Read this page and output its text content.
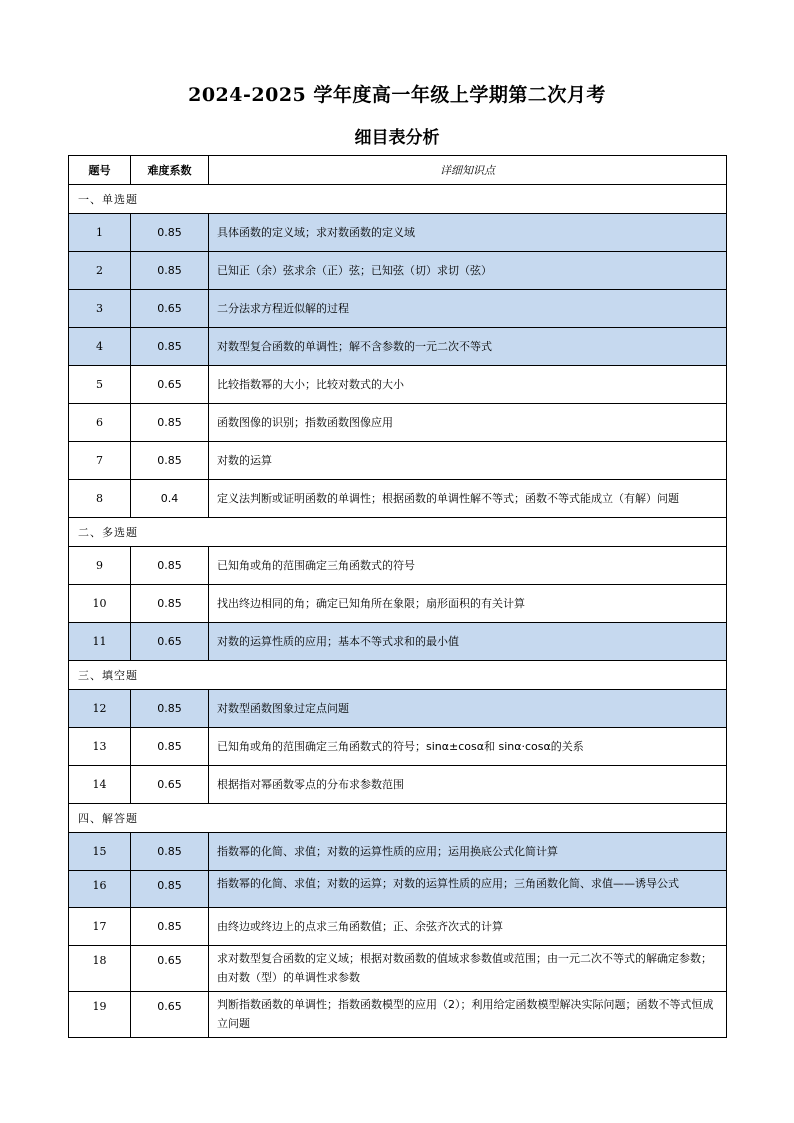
2024-2025 学年度高一年级上学期第二次月考
细目表分析
题号	难度系数	详细知识点
一、单选题		
1	0.85	具体函数的定义域；求对数函数的定义域
2	0.85	已知正（余）弦求余（正）弦；已知弦（切）求切（弦）
3	0.65	二分法求方程近似解的过程
4	0.85	对数型复合函数的单调性；解不含参数的一元二次不等式
5	0.65	比较指数幂的大小；比较对数式的大小
6	0.85	函数图像的识别；指数函数图像应用
7	0.85	对数的运算
8	0.4	定义法判断或证明函数的单调性；根据函数的单调性解不等式；函数不等式能成立（有解）问题
二、多选题		
9	0.85	已知角或角的范围确定三角函数式的符号
10	0.85	找出终边相同的角；确定已知角所在象限；扇形面积的有关计算
11	0.65	对数的运算性质的应用；基本不等式求和的最小值
三、填空题		
12	0.85	对数型函数图象过定点问题
13	0.85	已知角或角的范围确定三角函数式的符号；sinα±cosα和 sinα·cosα的关系
14	0.65	根据指对幂函数零点的分布求参数范围
四、解答题		
15	0.85	指数幂的化简、求值；对数的运算性质的应用；运用换底公式化简计算
16	0.85	指数幂的化简、求值；对数的运算；对数的运算性质的应用；三角函数化简、求值——诱导公式
17	0.85	由终边或终边上的点求三角函数值；正、余弦齐次式的计算
18	0.65	求对数型复合函数的定义域；根据对数函数的值域求参数值或范围；由一元二次不等式的解确定参数；由对数（型）的单调性求参数
19	0.65	判断指数函数的单调性；指数函数模型的应用（2）；利用给定函数模型解决实际问题；函数不等式恒成立问题
